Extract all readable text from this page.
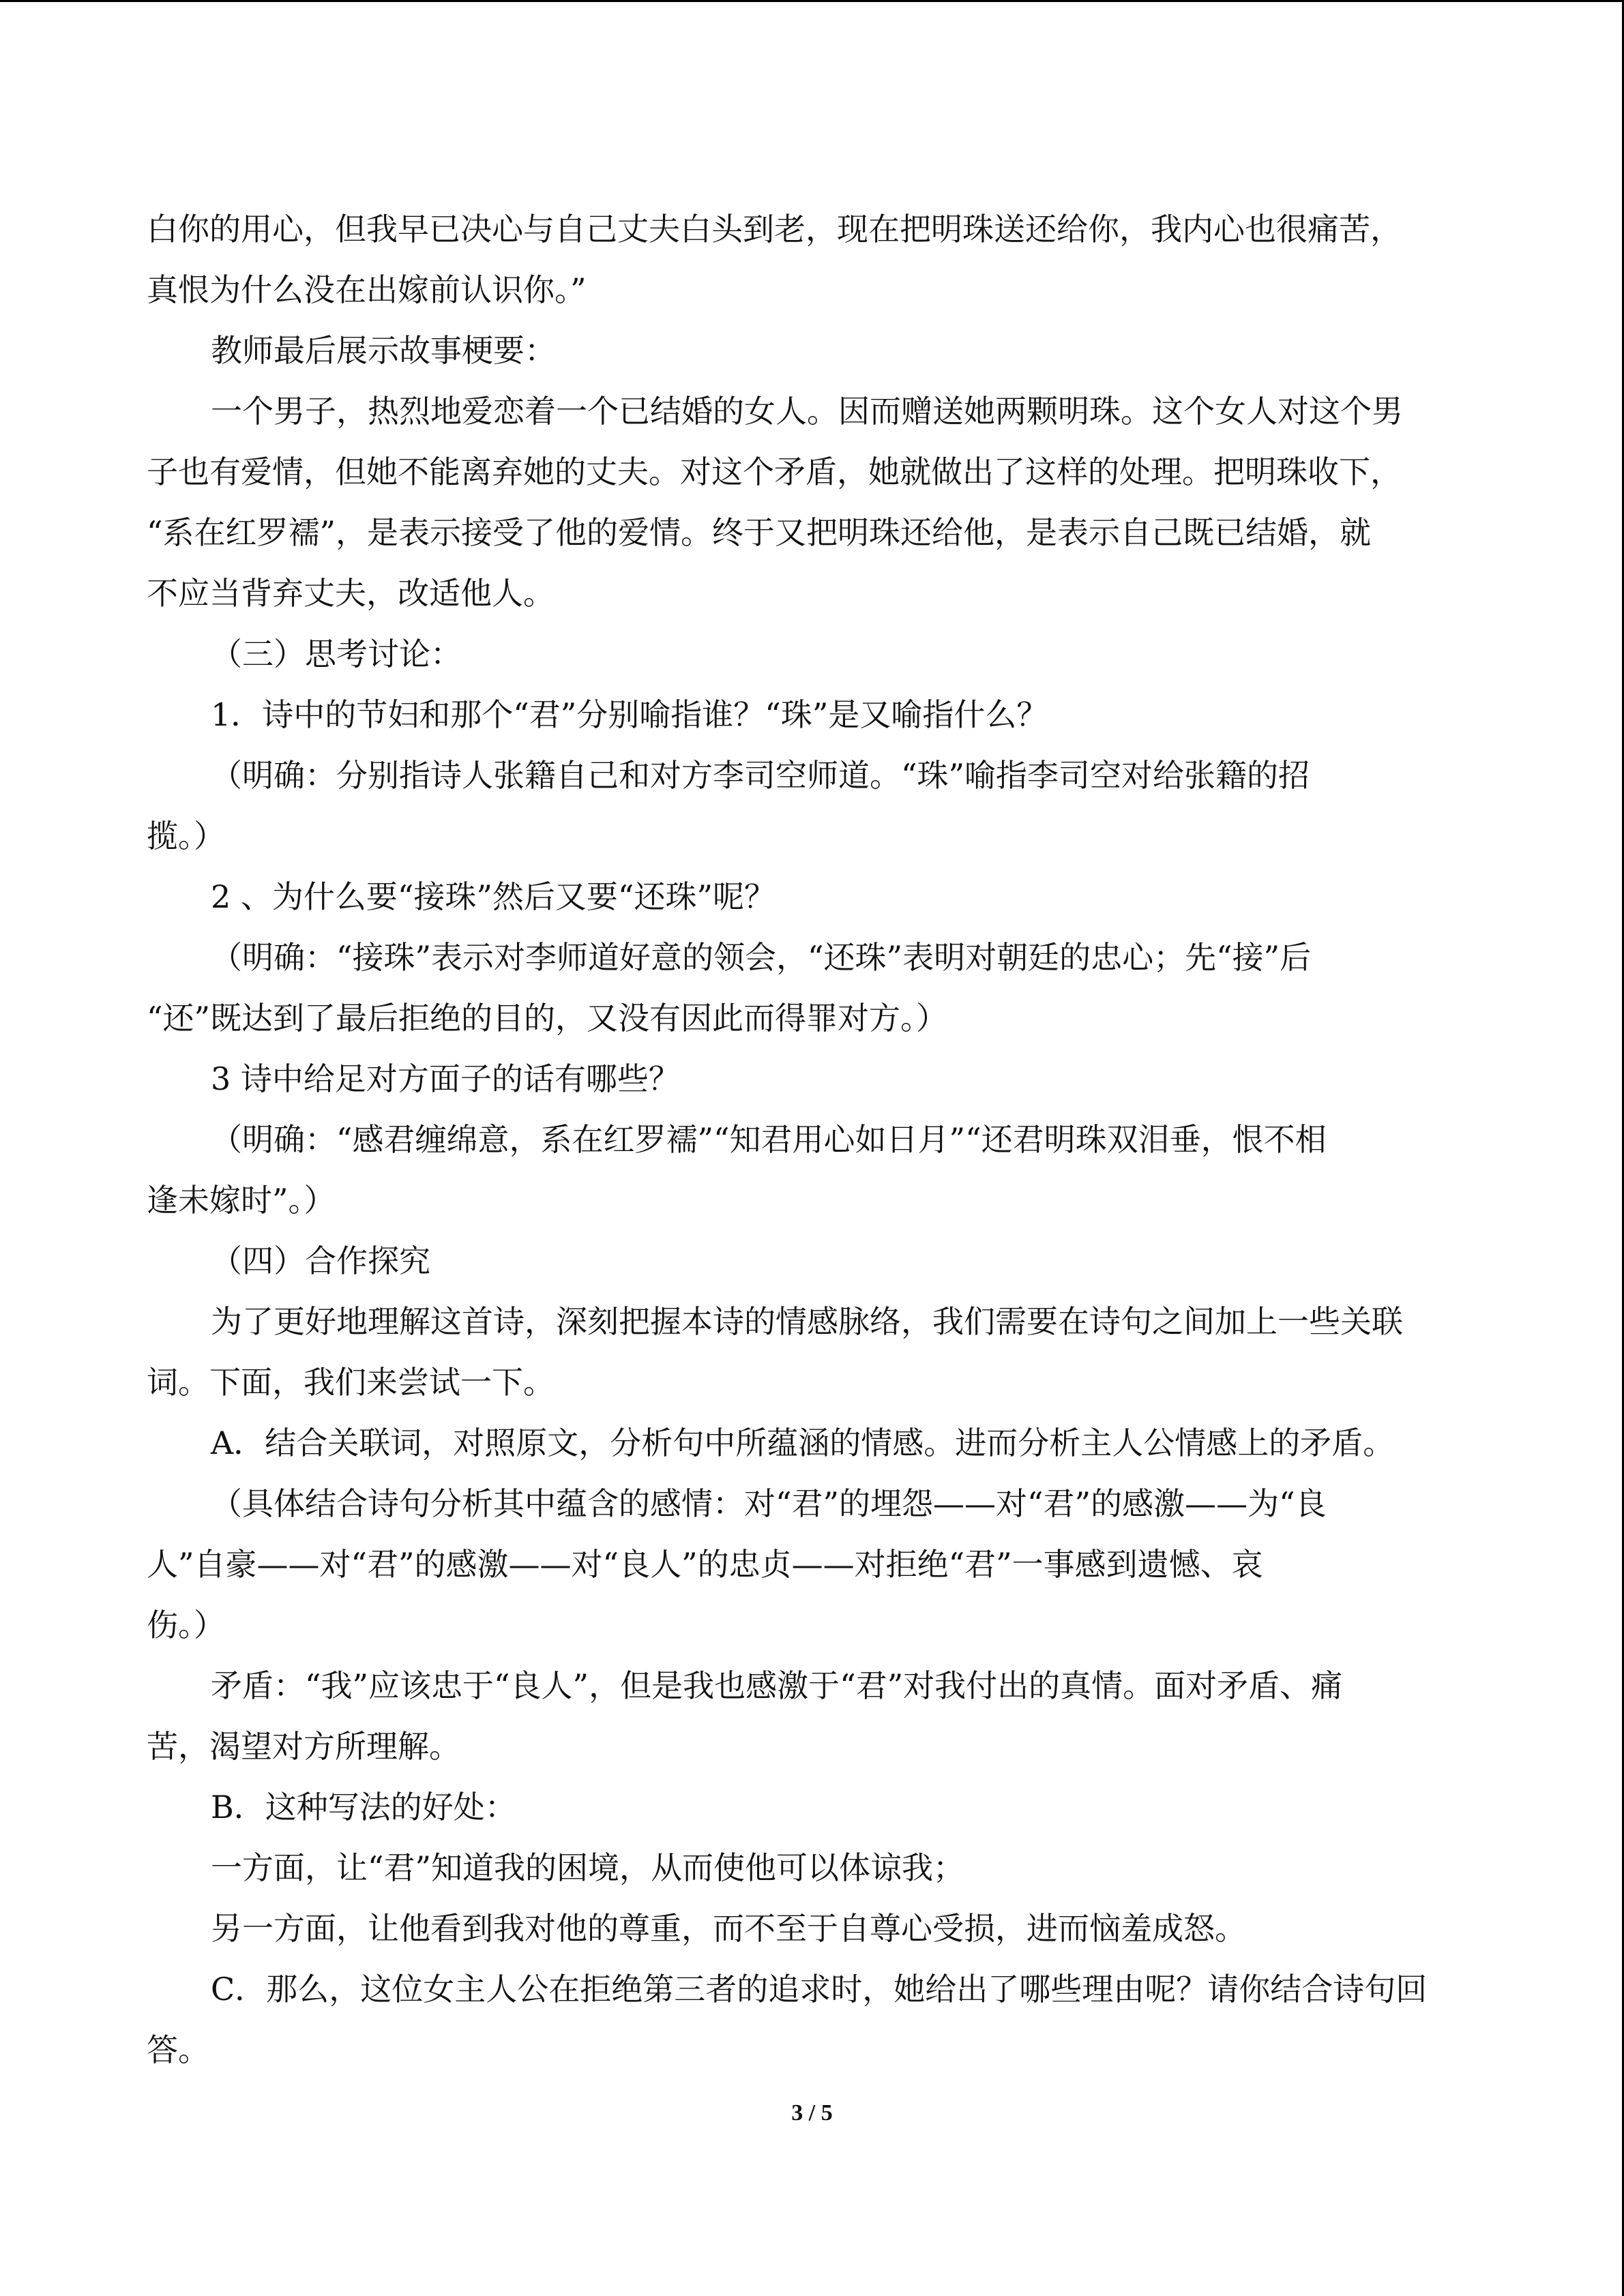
白你的用心，但我早已决心与自己丈夫白头到老，现在把明珠送还给你，我内心也很痛苦，
真恨为什么没在出嫁前认识你。”
教师最后展示故事梗要：
一个男子，热烈地爱恋着一个已结婚的女人。因而赠送她两颗明珠。这个女人对这个男
子也有爱情，但她不能离弃她的丈夫。对这个矛盾，她就做出了这样的处理。把明珠收下，
“系在红罗襦”，是表示接受了他的爱情。终于又把明珠还给他，是表示自己既已结婚，就
不应当背弃丈夫，改适他人。
（三）思考讨论：
1．诗中的节妇和那个“君”分别喻指谁？“珠”是又喻指什么？
（明确：分别指诗人张籍自己和对方李司空师道。“珠”喻指李司空对给张籍的招
揽。）
2 、为什么要“接珠”然后又要“还珠”呢？
（明确：“接珠”表示对李师道好意的领会，“还珠”表明对朝廷的忠心；先“接”后
“还”既达到了最后拒绝的目的，又没有因此而得罪对方。）
3 诗中给足对方面子的话有哪些？
（明确：“感君缠绵意，系在红罗襦”“知君用心如日月”“还君明珠双泪垂，恨不相
逢未嫁时”。）
（四）合作探究
为了更好地理解这首诗，深刻把握本诗的情感脉络，我们需要在诗句之间加上一些关联
词。下面，我们来尝试一下。
A．结合关联词，对照原文，分析句中所蕴涵的情感。进而分析主人公情感上的矛盾。
（具体结合诗句分析其中蕴含的感情：对“君”的埋怨——对“君”的感激——为“良
人”自豪——对“君”的感激——对“良人”的忠贞——对拒绝“君”一事感到遗憾、哀
伤。）
矛盾：“我”应该忠于“良人”，但是我也感激于“君”对我付出的真情。面对矛盾、痛
苦，渴望对方所理解。
B．这种写法的好处：
一方面，让“君”知道我的困境，从而使他可以体谅我；
另一方面，让他看到我对他的尊重，而不至于自尊心受损，进而恼羞成怒。
C．那么，这位女主人公在拒绝第三者的追求时，她给出了哪些理由呢？请你结合诗句回
答。
3 / 5
